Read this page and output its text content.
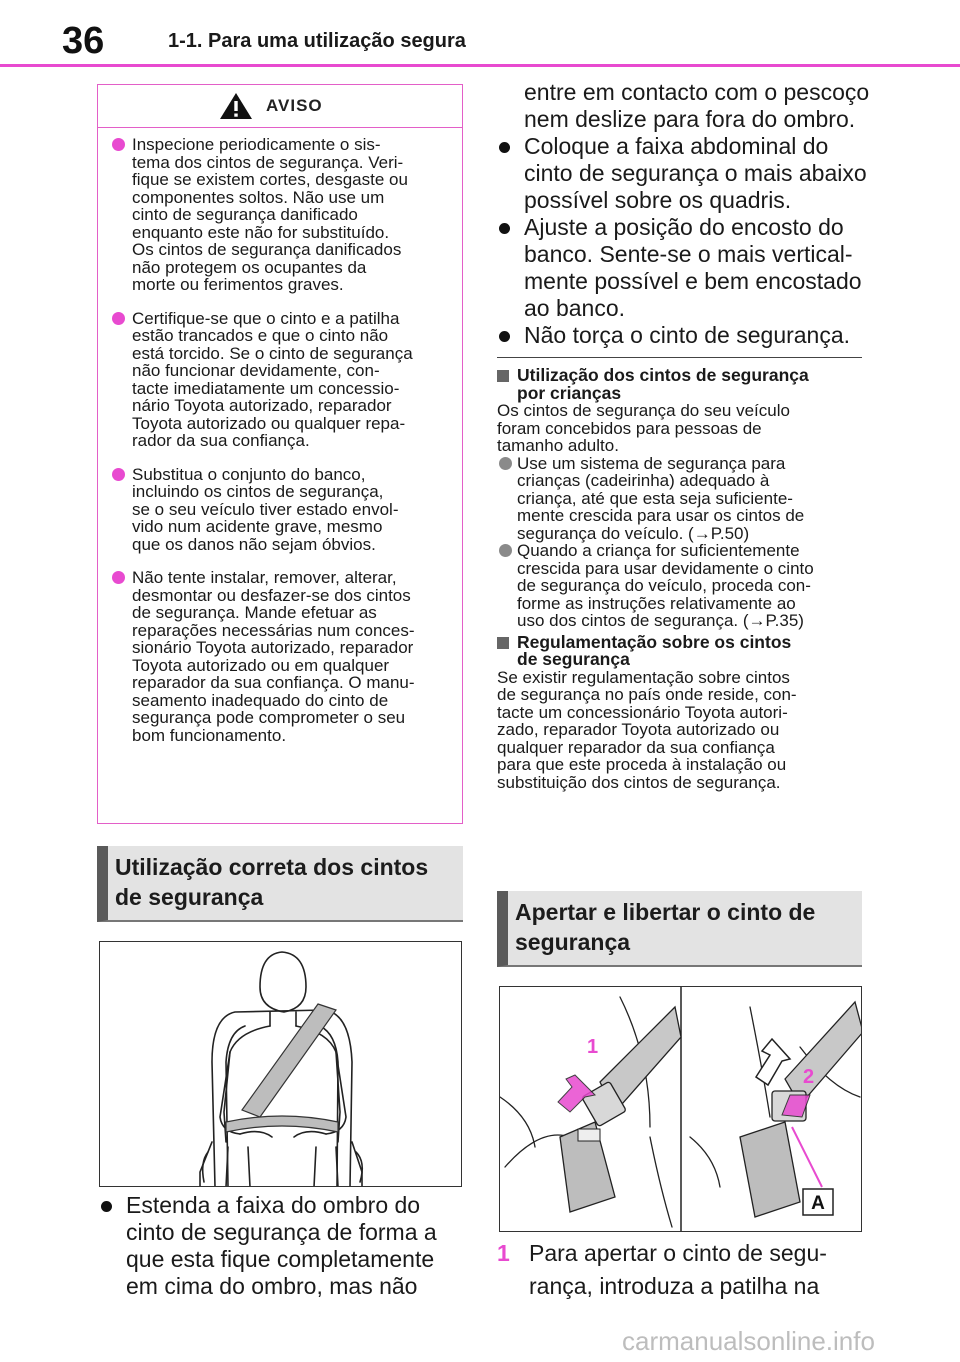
36	1-1. Para uma utilização segura
AVISO
Inspecione periodicamente o sis-
tema dos cintos de segurança. Veri-
fique se existem cortes, desgaste ou
componentes soltos. Não use um
cinto de segurança danificado
enquanto este não for substituído.
Os cintos de segurança danificados
não protegem os ocupantes da
morte ou ferimentos graves.
Certifique-se que o cinto e a patilha
estão trancados e que o cinto não
está torcido. Se o cinto de segurança
não funcionar devidamente, con-
tacte imediatamente um concessio-
nário Toyota autorizado, reparador
Toyota autorizado ou qualquer repa-
rador da sua confiança.
Substitua o conjunto do banco,
incluindo os cintos de segurança,
se o seu veículo tiver estado envol-
vido num acidente grave, mesmo
que os danos não sejam óbvios.
Não tente instalar, remover, alterar,
desmontar ou desfazer-se dos cintos
de segurança. Mande efetuar as
reparações necessárias num conces-
sionário Toyota autorizado, reparador
Toyota autorizado ou em qualquer
reparador da sua confiança. O manu-
seamento inadequado do cinto de
segurança pode comprometer o seu
bom funcionamento.
Utilização correta dos cintos
de segurança
Estenda a faixa do ombro do
cinto de segurança de forma a
que esta fique completamente
em cima do ombro, mas não
entre em contacto com o pescoço
nem deslize para fora do ombro.
Coloque a faixa abdominal do
cinto de segurança o mais abaixo
possível sobre os quadris.
Ajuste a posição do encosto do
banco. Sente-se o mais vertical-
mente possível e bem encostado
ao banco.
Não torça o cinto de segurança.
Utilização dos cintos de segurança
por crianças
Os cintos de segurança do seu veículo
foram concebidos para pessoas de
tamanho adulto.
Use um sistema de segurança para
crianças (cadeirinha) adequado à
criança, até que esta seja suficiente-
mente crescida para usar os cintos de
segurança do veículo. (→P.50)
Quando a criança for suficientemente
crescida para usar devidamente o cinto
de segurança do veículo, proceda con-
forme as instruções relativamente ao
uso dos cintos de segurança. (→P.35)
Regulamentação sobre os cintos
de segurança
Se existir regulamentação sobre cintos
de segurança no país onde reside, con-
tacte um concessionário Toyota autori-
zado, reparador Toyota autorizado ou
qualquer reparador da sua confiança
para que este proceda à instalação ou
substituição dos cintos de segurança.
Apertar e libertar o cinto de
segurança
1
2
A
1 Para apertar o cinto de segu-
rança, introduza a patilha na
carmanualsonline.info
